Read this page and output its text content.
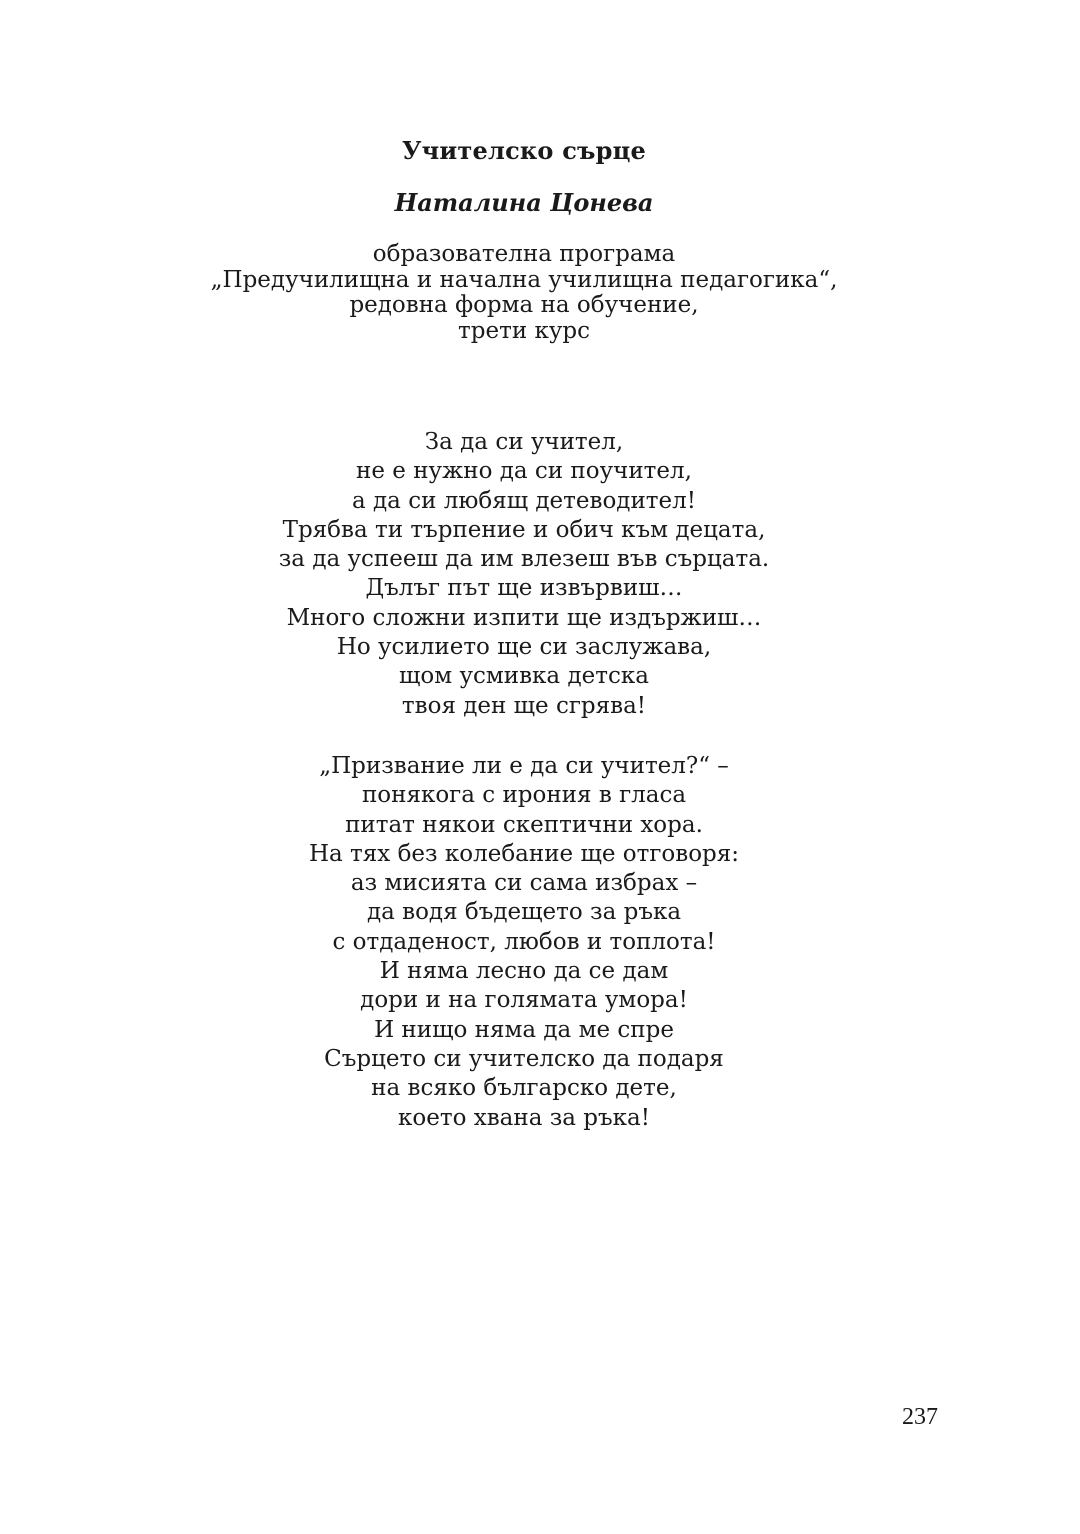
Учителско сърце
Наталина Цонева
образователна програма
„Предучилищна и начална училищна педагогика“,
редовна форма на обучение,
трети курс
За да си учител,
не е нужно да си поучител,
а да си любящ детеводител!
Трябва ти търпение и обич към децата,
за да успееш да им влезеш във сърцата.
Дълъг път ще извървиш…
Много сложни изпити ще издържиш…
Но усилието ще си заслужава,
щом усмивка детска
твоя ден ще сгрява!
„Призвание ли е да си учител?“ –
понякога с ирония в гласа
питат някои скептични хора.
На тях без колебание ще отговоря:
аз мисията си сама избрах –
да водя бъдещето за ръка
с отдаденост, любов и топлота!
И няма лесно да се дам
дори и на голямата умора!
И нищо няма да ме спре
Сърцето си учителско да подаря
на всяко българско дете,
което хвана за ръка!
237
